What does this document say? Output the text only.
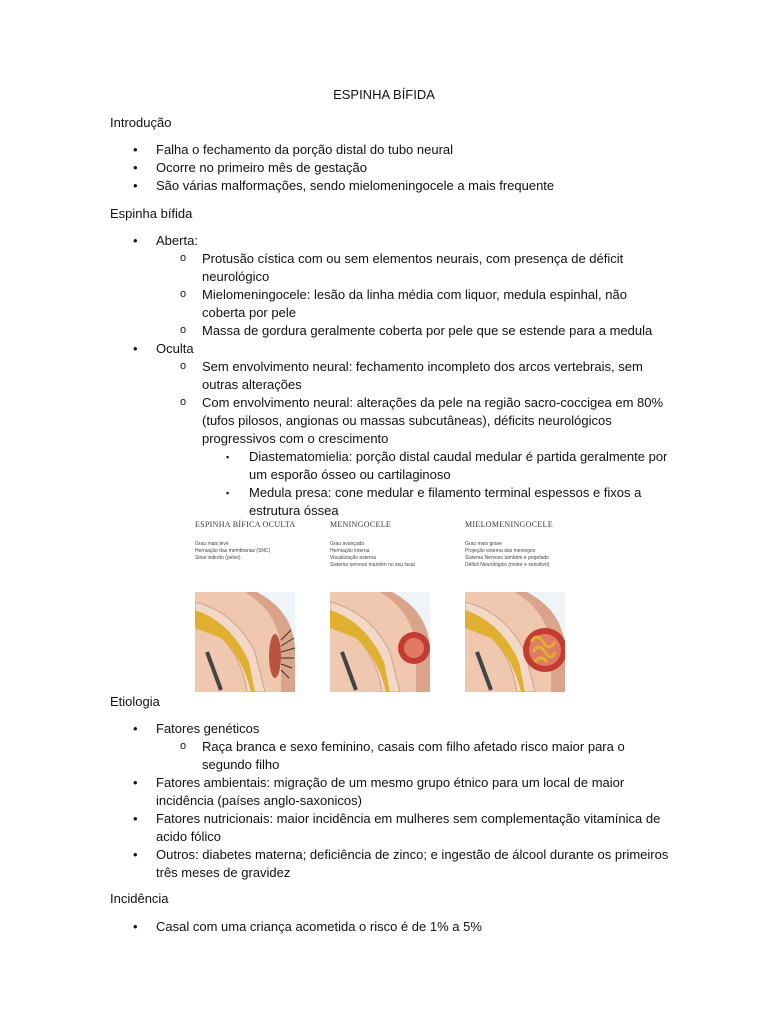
ESPINHA BÍFIDA
Introdução
• Falha o fechamento da porção distal do tubo neural
• Ocorre no primeiro mês de gestação
• São várias malformações, sendo mielomeningocele a mais frequente
Espinha bífida
• Aberta:
o Protusão cística com ou sem elementos neurais, com presença de déficit neurológico
o Mielomeningocele: lesão da linha média com liquor, medula espinhal, não coberta por pele
o Massa de gordura geralmente coberta por pele que se estende para a medula
• Oculta
o Sem envolvimento neural: fechamento incompleto dos arcos vertebrais, sem outras alterações
o Com envolvimento neural: alterações da pele na região sacro-coccigea em 80% (tufos pilosos, angionas ou massas subcutâneas), déficits neurológicos progressivos com o crescimento
▪ Diastematomielia: porção distal caudal medular é partida geralmente por um esporão ósseo ou cartilaginoso
▪ Medula presa: cone medular e filamento terminal espessos e fixos a estrutura óssea
ESPINHA BÍFICA OCULTA
Grau mais leve
Herniação das membranas (SNC)
Sinal indireto (pelos)
MENINGOCELE
Grau avançado
Herniação interna
Visualização externa
Sistema nervoso mantém no seu local
MIELOMENINGOCELE
Grau mais grave
Projeção externa das meninges
Sistema Nervoso também é projetado
Déficit Neurológico (motor e sensitivo)
Etiologia
• Fatores genéticos
o Raça branca e sexo feminino, casais com filho afetado risco maior para o segundo filho
• Fatores ambientais: migração de um mesmo grupo étnico para um local de maior incidência (países anglo-saxonicos)
• Fatores nutricionais: maior incidência em mulheres sem complementação vitamínica de acido fólico
• Outros: diabetes materna; deficiência de zinco; e ingestão de álcool durante os primeiros três meses de gravidez
Incidência
• Casal com uma criança acometida o risco é de 1% a 5%
